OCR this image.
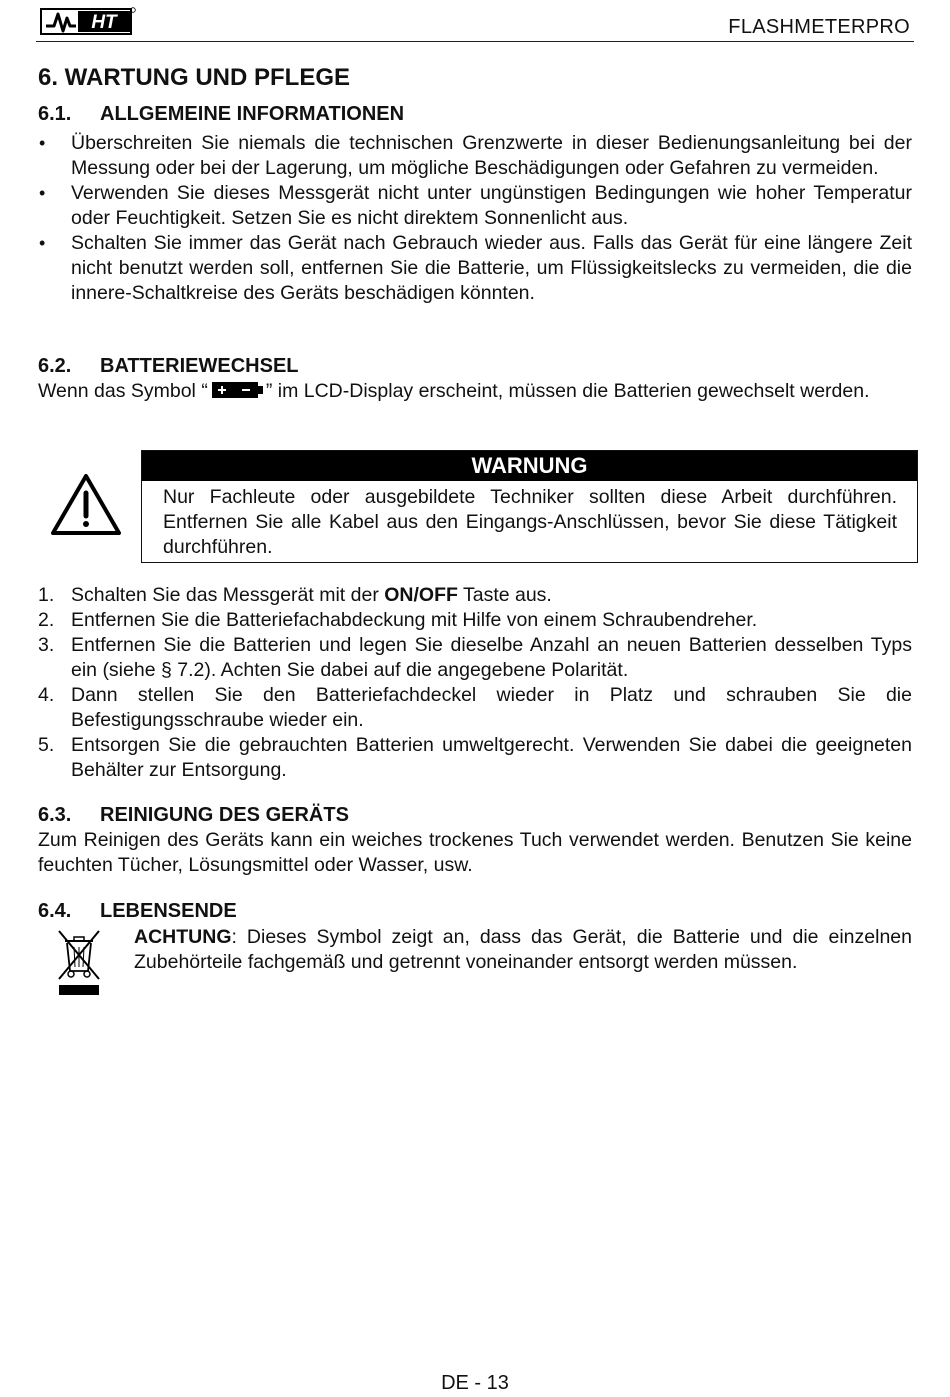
HT	FLASHMETERPRO
6. WARTUNG UND PFLEGE
6.1. ALLGEMEINE INFORMATIONEN
• Überschreiten Sie niemals die technischen Grenzwerte in dieser Bedienungsanleitung bei der Messung oder bei der Lagerung, um mögliche Beschädigungen oder Gefahren zu vermeiden.
• Verwenden Sie dieses Messgerät nicht unter ungünstigen Bedingungen wie hoher Temperatur oder Feuchtigkeit. Setzen Sie es nicht direktem Sonnenlicht aus.
• Schalten Sie immer das Gerät nach Gebrauch wieder aus. Falls das Gerät für eine längere Zeit nicht benutzt werden soll, entfernen Sie die Batterie, um Flüssigkeitslecks zu vermeiden, die die innere-Schaltkreise des Geräts beschädigen könnten.
6.2. BATTERIEWECHSEL
Wenn das Symbol “	” im LCD-Display erscheint, müssen die Batterien gewechselt werden.
WARNUNG
Nur Fachleute oder ausgebildete Techniker sollten diese Arbeit durchführen. Entfernen Sie alle Kabel aus den Eingangs-Anschlüssen, bevor Sie diese Tätigkeit durchführen.
1. Schalten Sie das Messgerät mit der ON/OFF Taste aus.
2. Entfernen Sie die Batteriefachabdeckung mit Hilfe von einem Schraubendreher.
3. Entfernen Sie die Batterien und legen Sie dieselbe Anzahl an neuen Batterien desselben Typs ein (siehe § 7.2). Achten Sie dabei auf die angegebene Polarität.
4. Dann stellen Sie den Batteriefachdeckel wieder in Platz und schrauben Sie die Befestigungsschraube wieder ein.
5. Entsorgen Sie die gebrauchten Batterien umweltgerecht. Verwenden Sie dabei die geeigneten Behälter zur Entsorgung.
6.3. REINIGUNG DES GERÄTS
Zum Reinigen des Geräts kann ein weiches trockenes Tuch verwendet werden. Benutzen Sie keine feuchten Tücher, Lösungsmittel oder Wasser, usw.
6.4. LEBENSENDE
ACHTUNG: Dieses Symbol zeigt an, dass das Gerät, die Batterie und die einzelnen Zubehörteile fachgemäß und getrennt voneinander entsorgt werden müssen.
DE - 13
